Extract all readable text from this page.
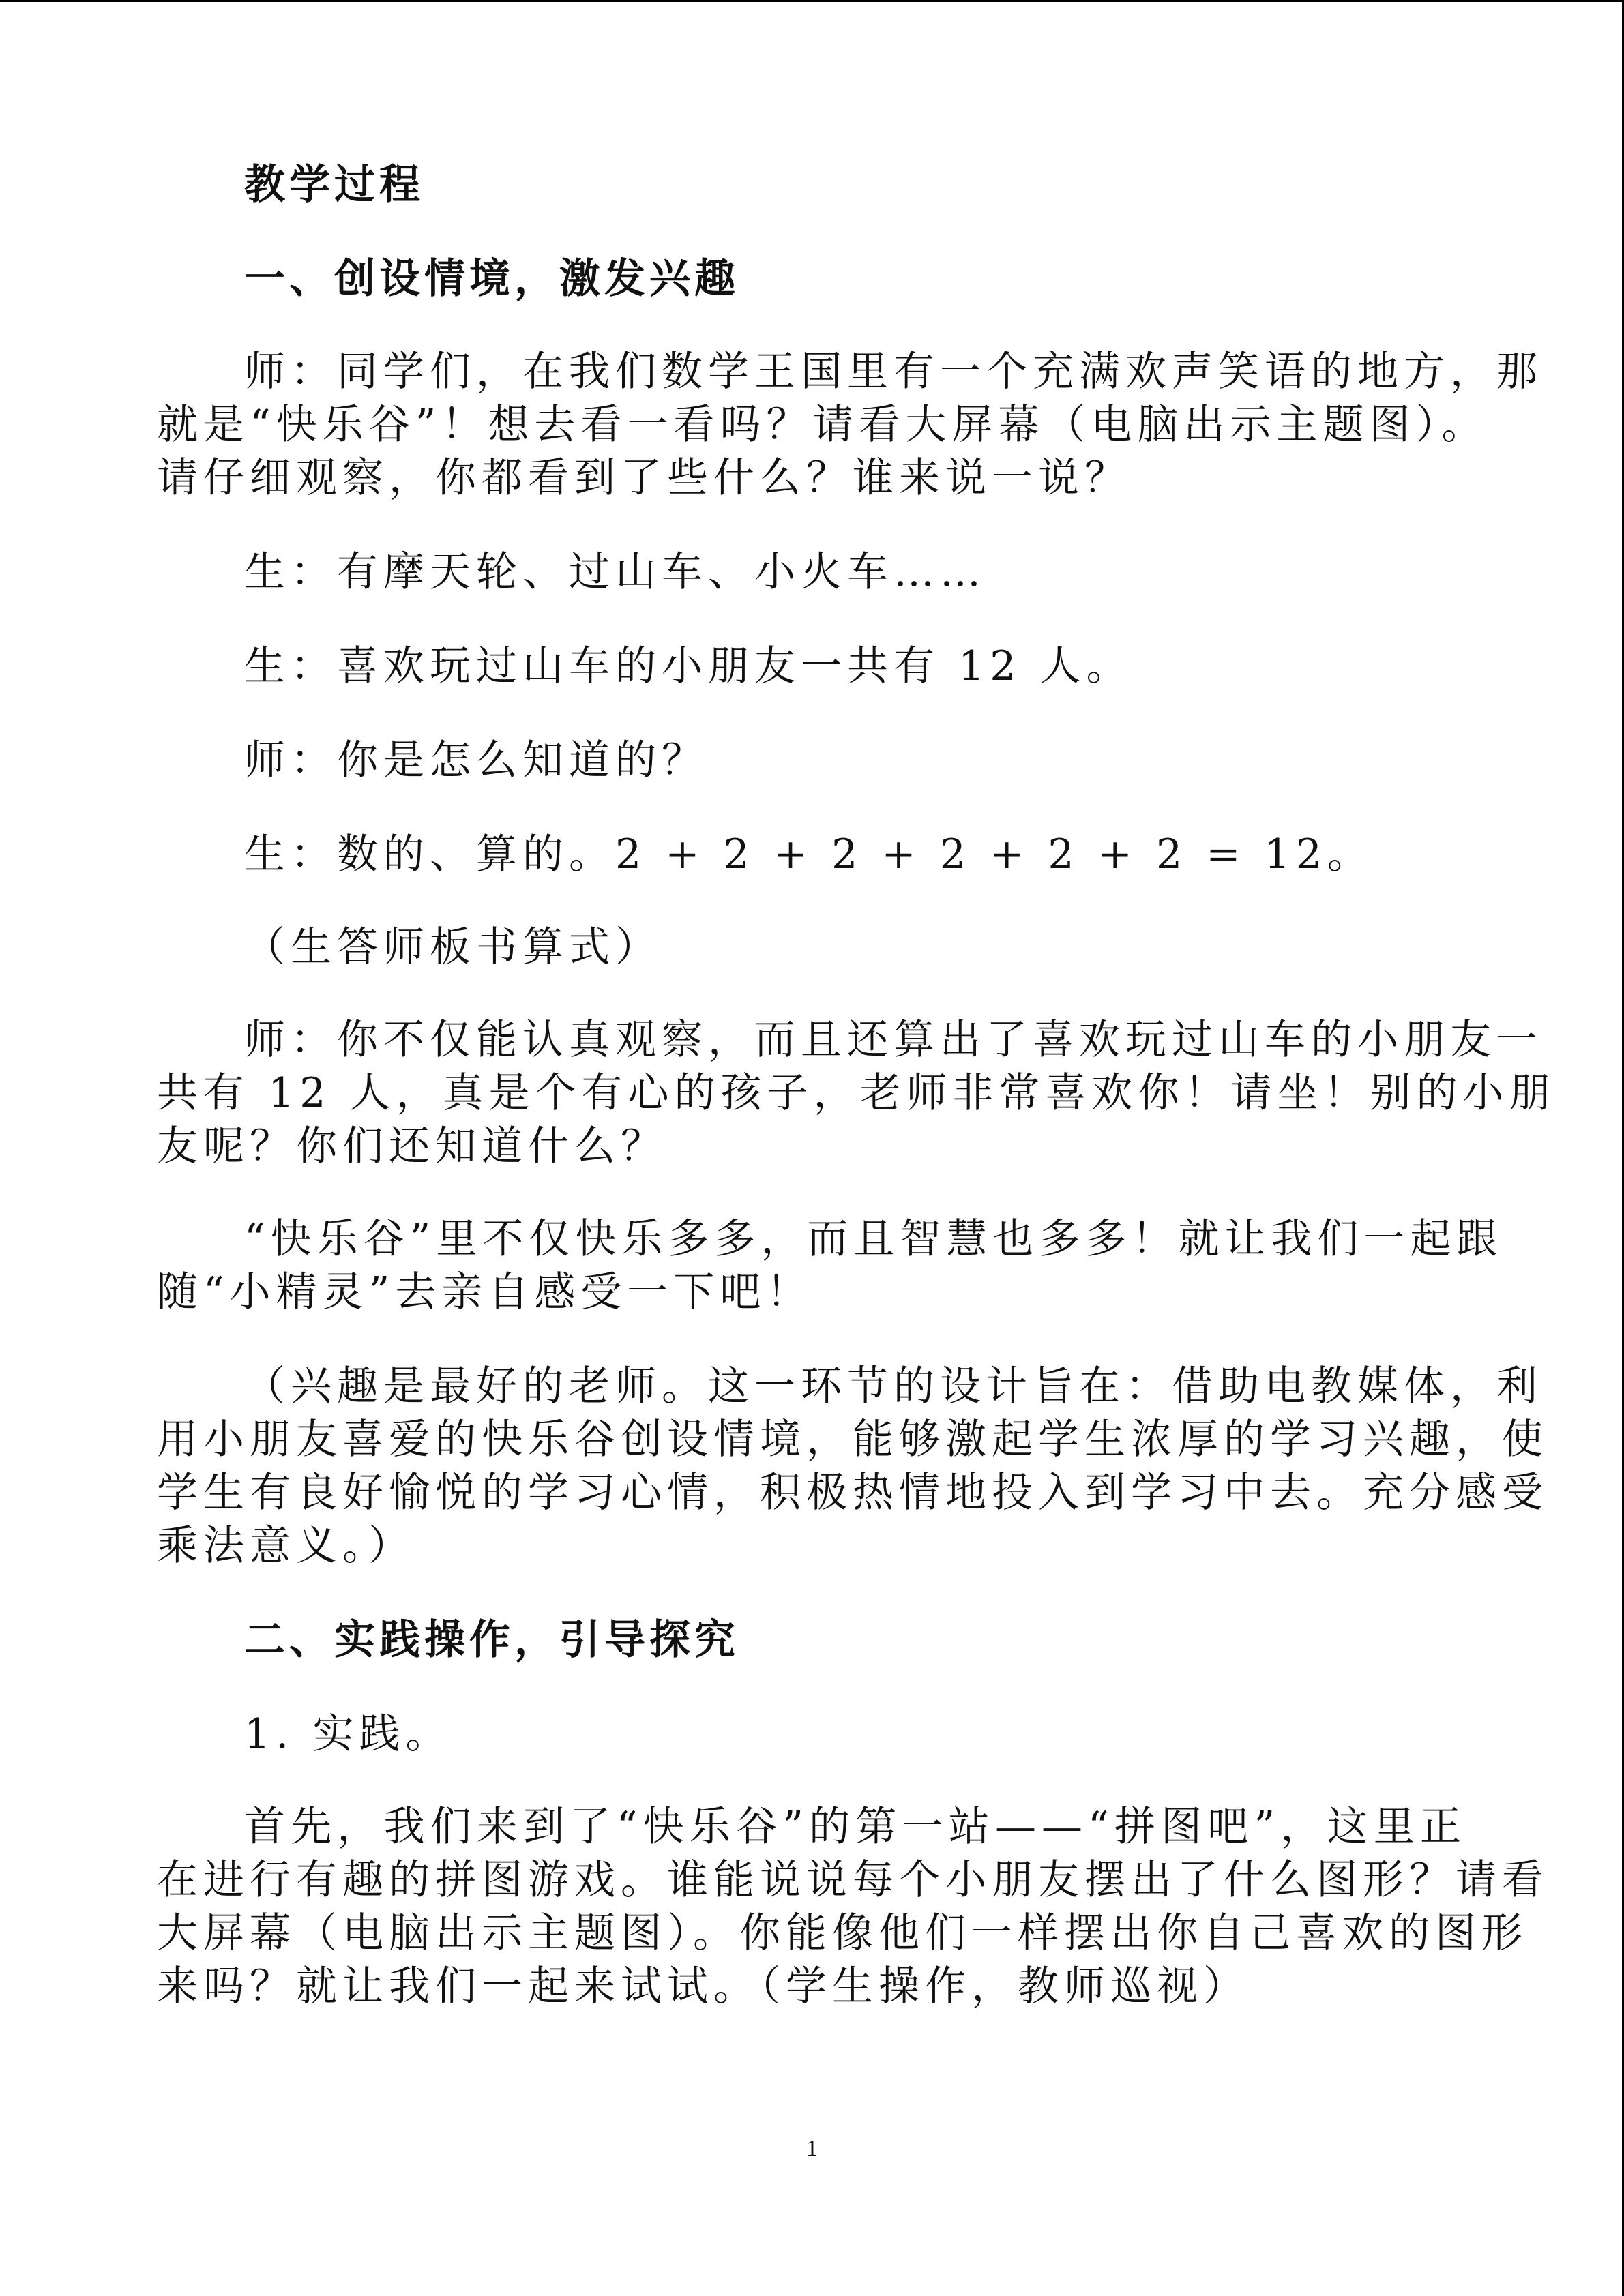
教学过程
一、创设情境，激发兴趣
师：同学们，在我们数学王国里有一个充满欢声笑语的地方，那
就是“快乐谷”！想去看一看吗？请看大屏幕（电脑出示主题图）。
请仔细观察，你都看到了些什么？谁来说一说？
生：有摩天轮、过山车、小火车……
生：喜欢玩过山车的小朋友一共有 12 人。
师：你是怎么知道的？
生：数的、算的。2 + 2 + 2 + 2 + 2 + 2 = 12。
（生答师板书算式）
师：你不仅能认真观察，而且还算出了喜欢玩过山车的小朋友一
共有 12 人，真是个有心的孩子，老师非常喜欢你！请坐！别的小朋
友呢？你们还知道什么？
“快乐谷”里不仅快乐多多，而且智慧也多多！就让我们一起跟
随“小精灵”去亲自感受一下吧！
（兴趣是最好的老师。这一环节的设计旨在：借助电教媒体，利
用小朋友喜爱的快乐谷创设情境，能够激起学生浓厚的学习兴趣，使
学生有良好愉悦的学习心情，积极热情地投入到学习中去。充分感受
乘法意义。）
二、实践操作，引导探究
1. 实践。
首先，我们来到了“快乐谷”的第一站——“拼图吧”，这里正
在进行有趣的拼图游戏。谁能说说每个小朋友摆出了什么图形？请看
大屏幕（电脑出示主题图）。你能像他们一样摆出你自己喜欢的图形
来吗？就让我们一起来试试。（学生操作，教师巡视）
1
